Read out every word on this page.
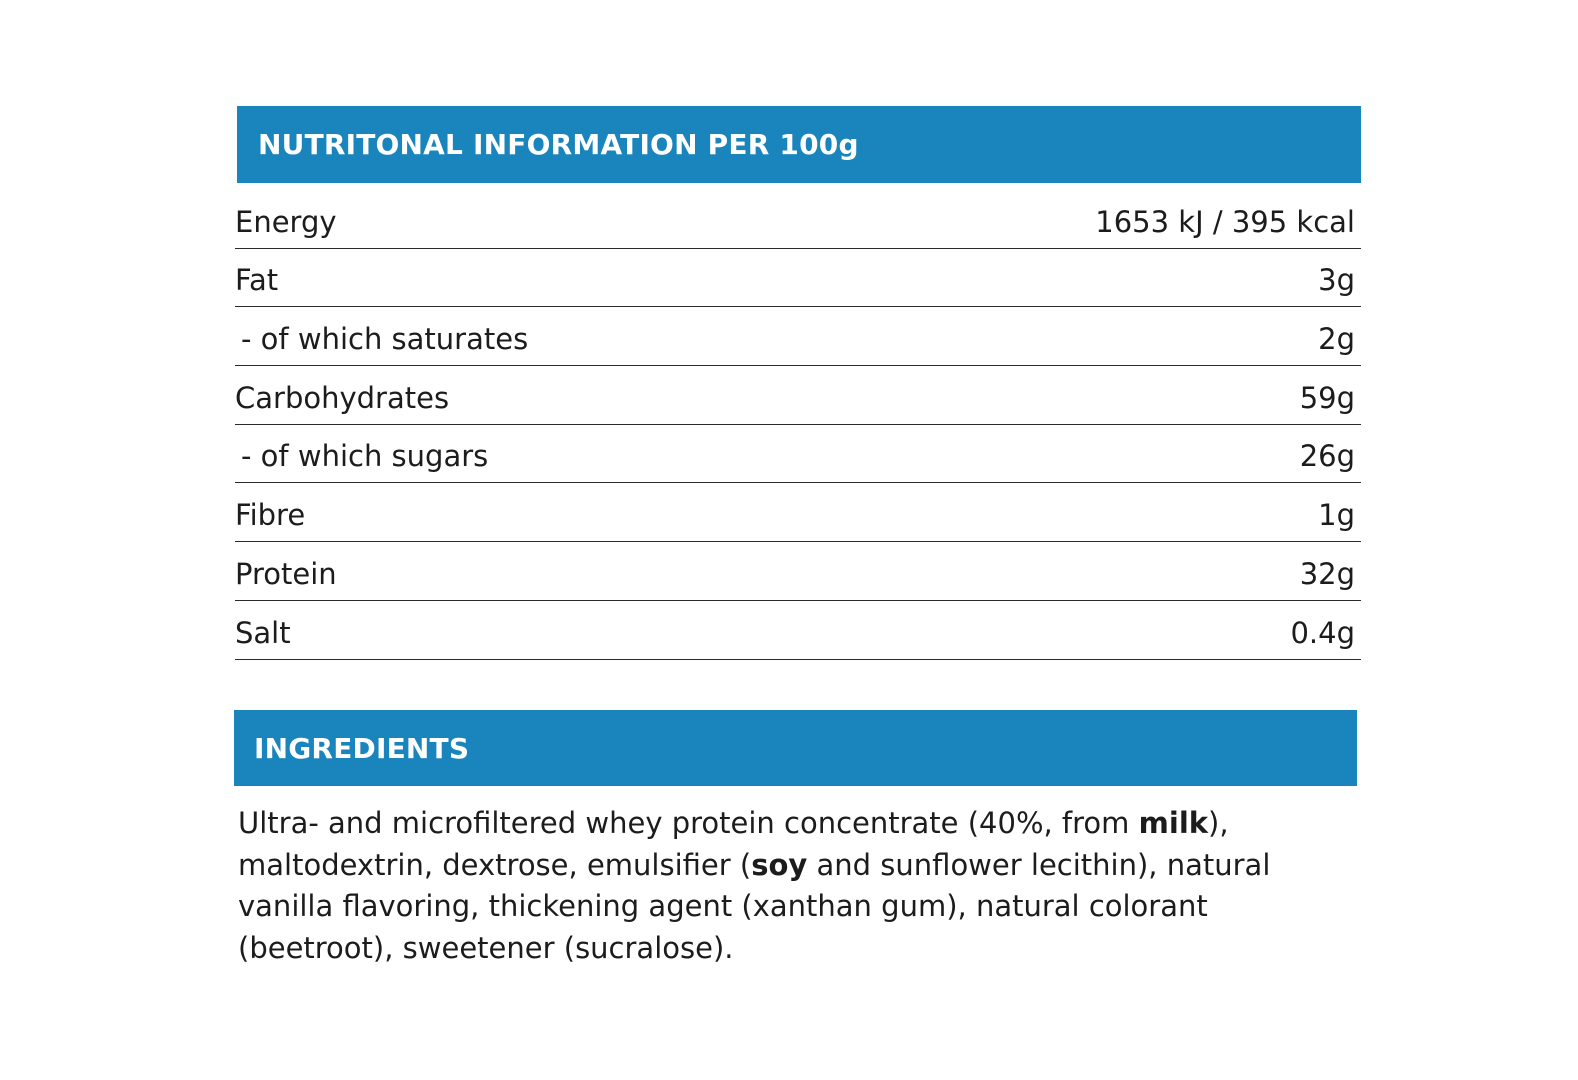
NUTRITONAL INFORMATION PER 100g
Energy	1653 kJ / 395 kcal
Fat	3g
- of which saturates	2g
Carbohydrates	59g
- of which sugars	26g
Fibre	1g
Protein	32g
Salt	0.4g
INGREDIENTS

Ultra- and microfiltered whey protein concentrate (40%, from milk), maltodextrin, dextrose, emulsifier (soy and sunflower lecithin), natural vanilla flavoring, thickening agent (xanthan gum), natural colorant (beetroot), sweetener (sucralose).
